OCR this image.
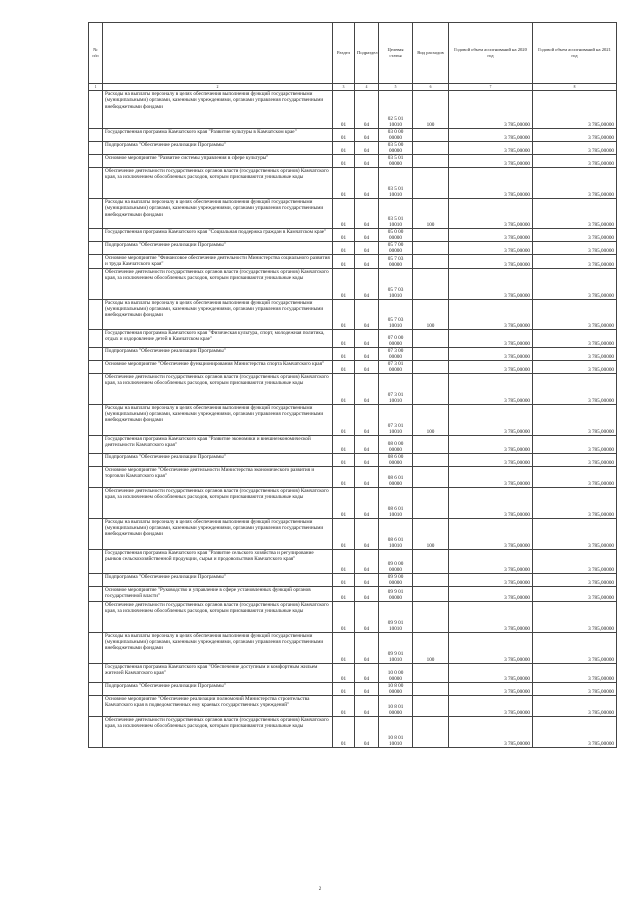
№ п/п		Раздел	Подраздел	Целевая статья	Вид расходов	Годовой объем ассигнований на 2020 год	Годовой объем ассигнований на 2021 год
1	2	3	4	5	6	7	8
	Расходы на выплаты персоналу в целях обеспечения выполнения функций государственными (муниципальными) органами, казенными учреждениями, органами управления государственными внебюджетными фондами	01	04	02 5 01 10010	100	3 785,00000	3 785,00000
	Государственная программа Камчатского края "Развитие культуры в Камчатском крае"	01	04	03 0 00 00000		3 785,00000	3 785,00000
	Подпрограмма "Обеспечение реализации Программы"	01	04	03 5 00 00000		3 785,00000	3 785,00000
	Основное мероприятие "Развитие системы управления в сфере культуры"	01	04	03 5 01 00000		3 785,00000	3 785,00000
	Обеспечение деятельности государственных органов власти (государственных органов) Камчатского края, за исключением обособленных расходов, которым присваиваются уникальные коды	01	04	03 5 01 10010		3 785,00000	3 785,00000
	Расходы на выплаты персоналу в целях обеспечения выполнения функций государственными (муниципальными) органами, казенными учреждениями, органами управления государственными внебюджетными фондами	01	04	03 5 01 10010	100	3 785,00000	3 785,00000
	Государственная программа Камчатского края "Социальная поддержка граждан в Камчатском крае"	01	04	05 0 00 00000		3 785,00000	3 785,00000
	Подпрограмма "Обеспечение реализации Программы"	01	04	05 7 00 00000		3 785,00000	3 785,00000
	Основное мероприятие "Финансовое обеспечение деятельности Министерства социального развития и труда Камчатского края"	01	04	05 7 03 00000		3 785,00000	3 785,00000
	Обеспечение деятельности государственных органов власти (государственных органов) Камчатского края, за исключением обособленных расходов, которым присваиваются уникальные коды	01	04	05 7 03 10010		3 785,00000	3 785,00000
	Расходы на выплаты персоналу в целях обеспечения выполнения функций государственными (муниципальными) органами, казенными учреждениями, органами управления государственными внебюджетными фондами	01	04	05 7 03 10010	100	3 785,00000	3 785,00000
	Государственная программа Камчатского края "Физическая культура, спорт, молодежная политика, отдых и оздоровление детей в Камчатском крае"	01	04	07 0 00 00000		3 785,00000	3 785,00000
	Подпрограмма "Обеспечение реализации Программы"	01	04	07 3 00 00000		3 785,00000	3 785,00000
	Основное мероприятие "Обеспечение функционирования Министерства спорта Камчатского края"	01	04	07 3 01 00000		3 785,00000	3 785,00000
	Обеспечение деятельности государственных органов власти (государственных органов) Камчатского края, за исключением обособленных расходов, которым присваиваются уникальные коды	01	04	07 3 01 10010		3 785,00000	3 785,00000
	Расходы на выплаты персоналу в целях обеспечения выполнения функций государственными (муниципальными) органами, казенными учреждениями, органами управления государственными внебюджетными фондами	01	04	07 3 01 10010	100	3 785,00000	3 785,00000
	Государственная программа Камчатского края "Развитие экономики и внешнеэкономической деятельности Камчатского края"	01	04	08 0 00 00000		3 785,00000	3 785,00000
	Подпрограмма "Обеспечение реализации Программы"	01	04	08 6 00 00000		3 785,00000	3 785,00000
	Основное мероприятие "Обеспечение деятельности Министерства экономического развития и торговли Камчатского края"	01	04	08 6 01 00000		3 785,00000	3 785,00000
	Обеспечение деятельности государственных органов власти (государственных органов) Камчатского края, за исключением обособленных расходов, которым присваиваются уникальные коды	01	04	08 6 01 10010		3 785,00000	3 785,00000
	Расходы на выплаты персоналу в целях обеспечения выполнения функций государственными (муниципальными) органами, казенными учреждениями, органами управления государственными внебюджетными фондами	01	04	08 6 01 10010	100	3 785,00000	3 785,00000
	Государственная программа Камчатского края "Развитие сельского хозяйства и регулирование рынков сельскохозяйственной продукции, сырья и продовольствия Камчатского края"	01	04	09 0 00 00000		3 785,00000	3 785,00000
	Подпрограмма "Обеспечение реализации Программы"	01	04	09 9 00 00000		3 785,00000	3 785,00000
	Основное мероприятие "Руководство и управление в сфере установленных функций органов государственной власти"	01	04	09 9 01 00000		3 785,00000	3 785,00000
	Обеспечение деятельности государственных органов власти (государственных органов) Камчатского края, за исключением обособленных расходов, которым присваиваются уникальные коды	01	04	09 9 01 10010		3 785,00000	3 785,00000
	Расходы на выплаты персоналу в целях обеспечения выполнения функций государственными (муниципальными) органами, казенными учреждениями, органами управления государственными внебюджетными фондами	01	04	09 9 01 10010	100	3 785,00000	3 785,00000
	Государственная программа Камчатского края "Обеспечение доступным и комфортным жильем жителей Камчатского края"	01	04	10 0 00 00000		3 785,00000	3 785,00000
	Подпрограмма "Обеспечение реализации Программы"	01	04	10 8 00 00000		3 785,00000	3 785,00000
	Основное мероприятие "Обеспечение реализации полномочий Министерства строительства Камчатского края в подведомственных ему краевых государственных учреждений"	01	04	10 8 01 00000		3 785,00000	3 785,00000
	Обеспечение деятельности государственных органов власти (государственных органов) Камчатского края, за исключением обособленных расходов, которым присваиваются уникальные коды	01	04	10 8 01 10010		3 785,00000	3 785,00000
2
